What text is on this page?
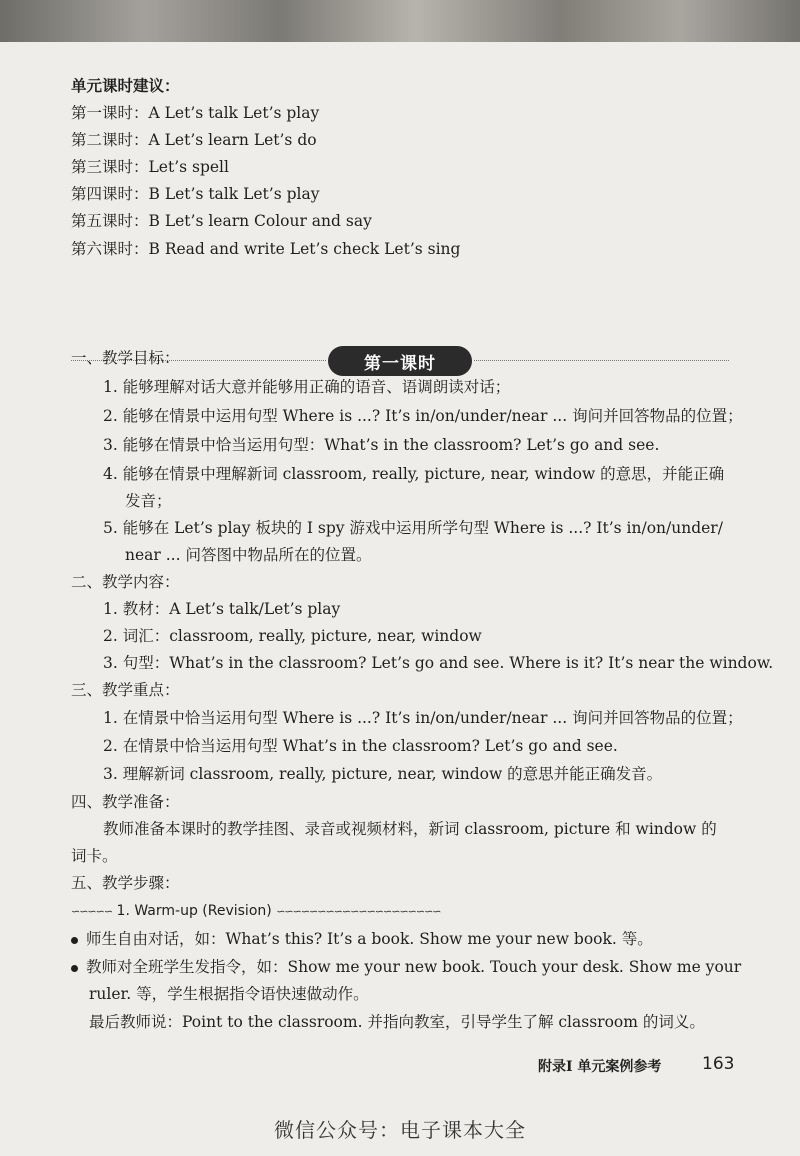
单元课时建议：
第一课时：A Let’s talk Let’s play
第二课时：A Let’s learn Let’s do
第三课时：Let’s spell
第四课时：B Let’s talk Let’s play
第五课时：B Let’s learn Colour and say
第六课时：B Read and write Let’s check Let’s sing
第一课时
一、教学目标：
1. 能够理解对话大意并能够用正确的语音、语调朗读对话；
2. 能够在情景中运用句型 Where is ...? It’s in/on/under/near ... 询问并回答物品的位置；
3. 能够在情景中恰当运用句型：What’s in the classroom? Let’s go and see.
4. 能够在情景中理解新词 classroom, really, picture, near, window 的意思，并能正确
发音；
5. 能够在 Let’s play 板块的 I spy 游戏中运用所学句型 Where is ...? It’s in/on/under/
near ... 问答图中物品所在的位置。
二、教学内容：
1. 教材：A Let’s talk/Let’s play
2. 词汇：classroom, really, picture, near, window
3. 句型：What’s in the classroom? Let’s go and see. Where is it? It’s near the window.
三、教学重点：
1. 在情景中恰当运用句型 Where is ...? It’s in/on/under/near ... 询问并回答物品的位置；
2. 在情景中恰当运用句型 What’s in the classroom? Let’s go and see.
3. 理解新词 classroom, really, picture, near, window 的意思并能正确发音。
四、教学准备：
教师准备本课时的教学挂图、录音或视频材料，新词 classroom, picture 和 window 的
词卡。
五、教学步骤：
∽∽∽∽∽ 1. Warm-up (Revision) ∽∽∽∽∽∽∽∽∽∽∽∽∽∽∽∽∽∽∽∽
师生自由对话，如：What’s this? It’s a book. Show me your new book. 等。
教师对全班学生发指令，如：Show me your new book. Touch your desk. Show me your
ruler. 等，学生根据指令语快速做动作。
最后教师说：Point to the classroom. 并指向教室，引导学生了解 classroom 的词义。
附录Ⅰ 单元案例参考 163
微信公众号：电子课本大全
